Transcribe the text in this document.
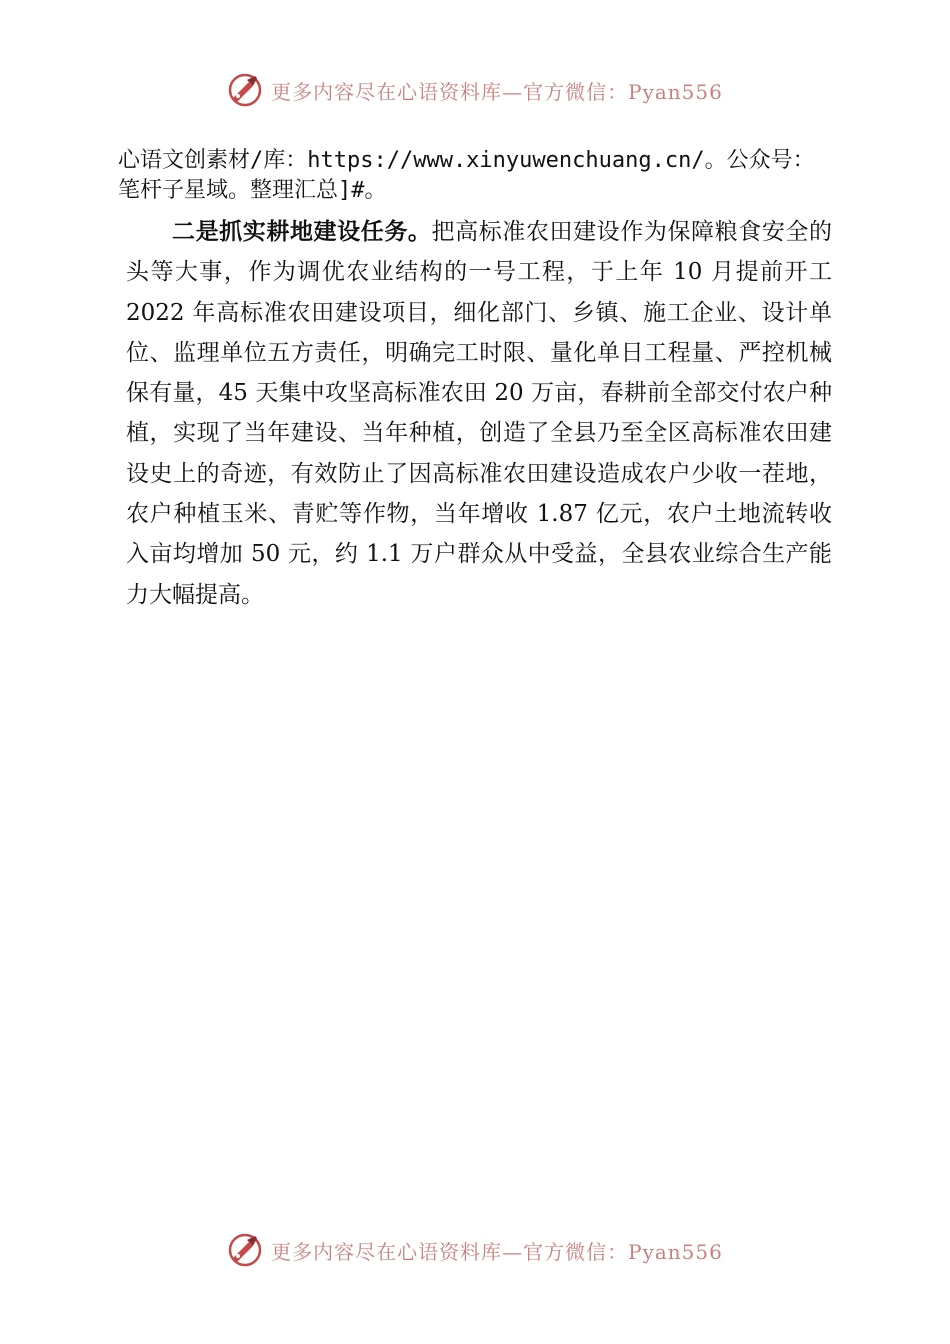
更多内容尽在心语资料库—官方微信：Pyan556
心语文创素材/库：https://www.xinyuwenchuang.cn/。公众号：笔杆子星域。整理汇总]#。

二是抓实耕地建设任务。把高标准农田建设作为保障粮食安全的头等大事，作为调优农业结构的一号工程，于上年 10 月提前开工 2022 年高标准农田建设项目，细化部门、乡镇、施工企业、设计单位、监理单位五方责任，明确完工时限、量化单日工程量、严控机械保有量，45 天集中攻坚高标准农田 20 万亩，春耕前全部交付农户种植，实现了当年建设、当年种植，创造了全县乃至全区高标准农田建设史上的奇迹，有效防止了因高标准农田建设造成农户少收一茬地，农户种植玉米、青贮等作物，当年增收 1.87 亿元，农户土地流转收入亩均增加 50 元，约 1.1 万户群众从中受益，全县农业综合生产能力大幅提高。

更多内容尽在心语资料库—官方微信：Pyan556
